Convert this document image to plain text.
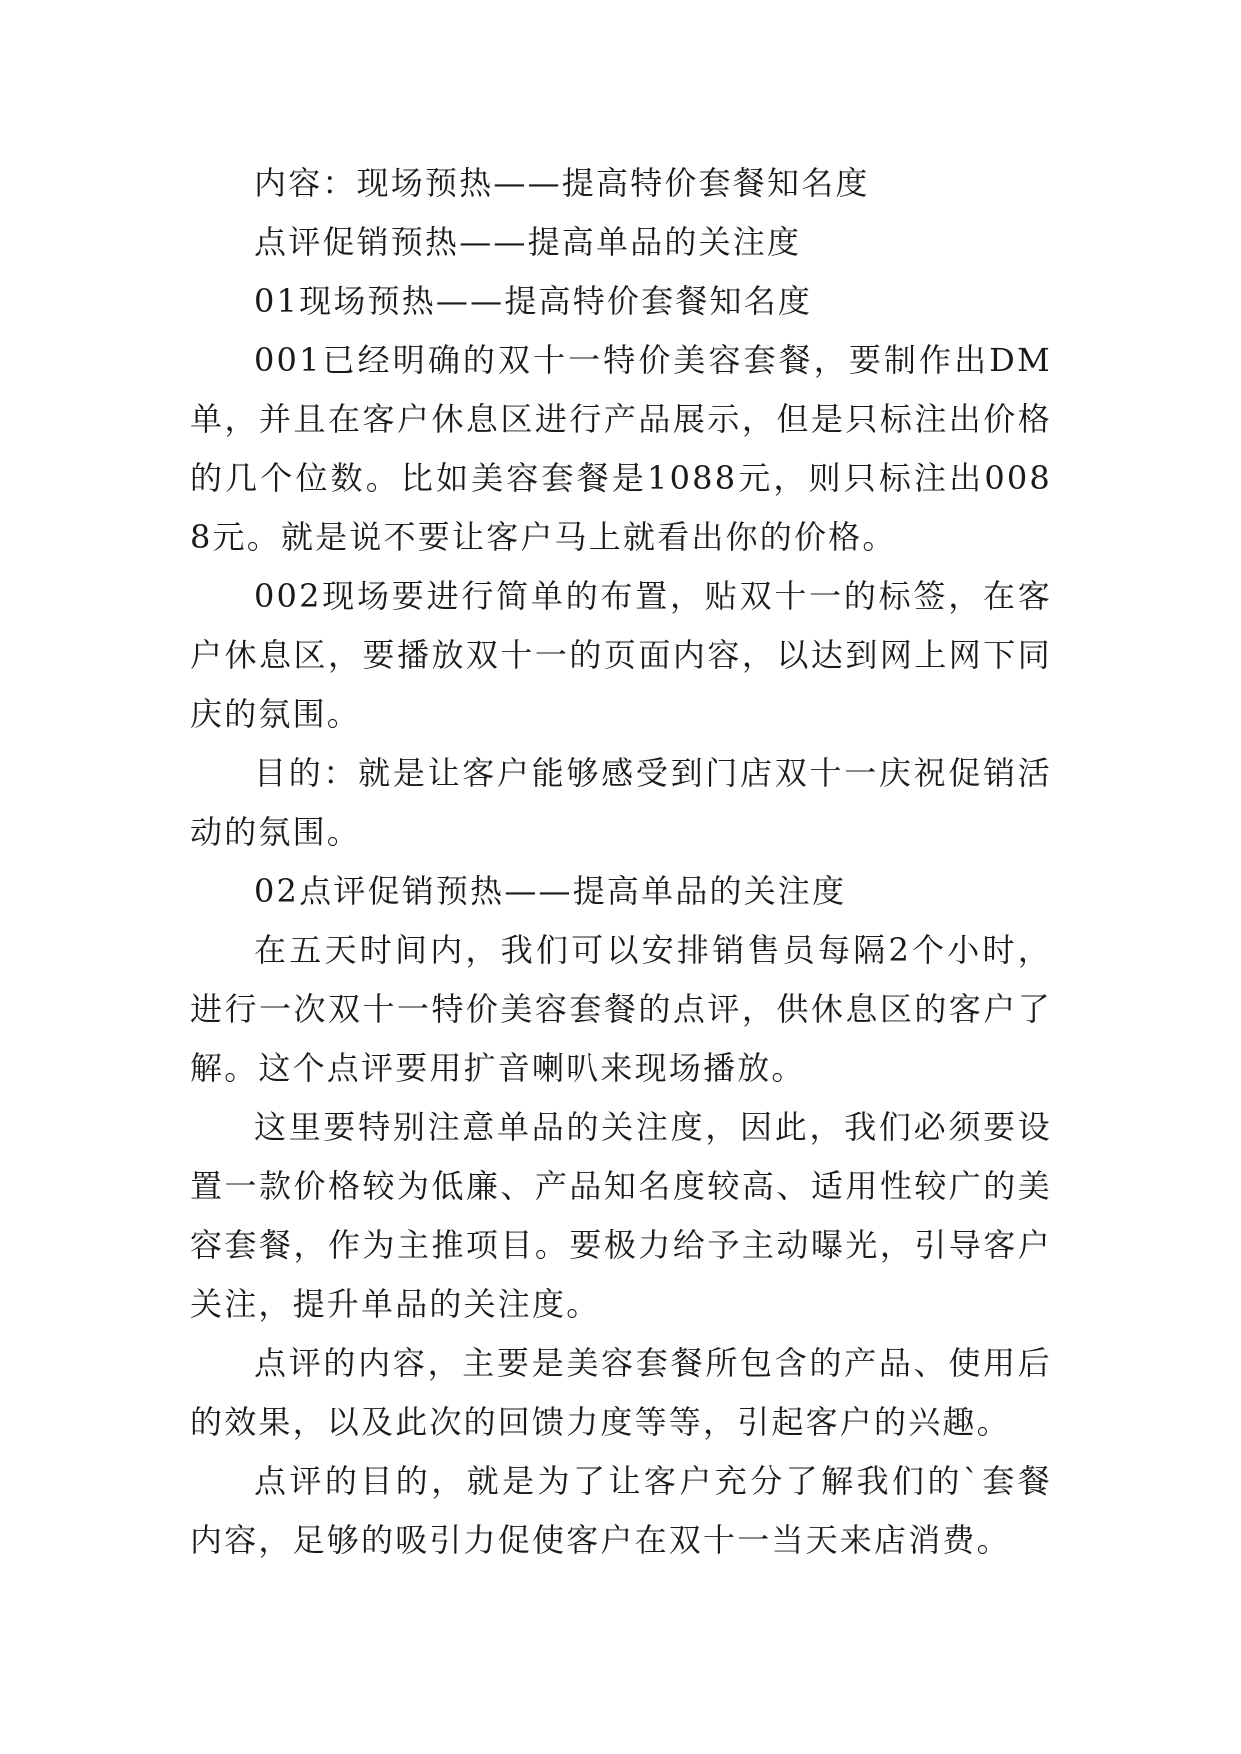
内容：现场预热——提高特价套餐知名度

点评促销预热——提高单品的关注度

01现场预热——提高特价套餐知名度

001已经明确的双十一特价美容套餐，要制作出DM单，并且在客户休息区进行产品展示，但是只标注出价格的几个位数。比如美容套餐是1088元，则只标注出0088元。就是说不要让客户马上就看出你的价格。

002现场要进行简单的布置，贴双十一的标签，在客户休息区，要播放双十一的页面内容，以达到网上网下同庆的氛围。

目的：就是让客户能够感受到门店双十一庆祝促销活动的氛围。

02点评促销预热——提高单品的关注度

在五天时间内，我们可以安排销售员每隔2个小时，进行一次双十一特价美容套餐的点评，供休息区的客户了解。这个点评要用扩音喇叭来现场播放。

这里要特别注意单品的关注度，因此，我们必须要设置一款价格较为低廉、产品知名度较高、适用性较广的美容套餐，作为主推项目。要极力给予主动曝光，引导客户关注，提升单品的关注度。

点评的内容，主要是美容套餐所包含的产品、使用后的效果，以及此次的回馈力度等等，引起客户的兴趣。

点评的目的，就是为了让客户充分了解我们的`套餐内容，足够的吸引力促使客户在双十一当天来店消费。
